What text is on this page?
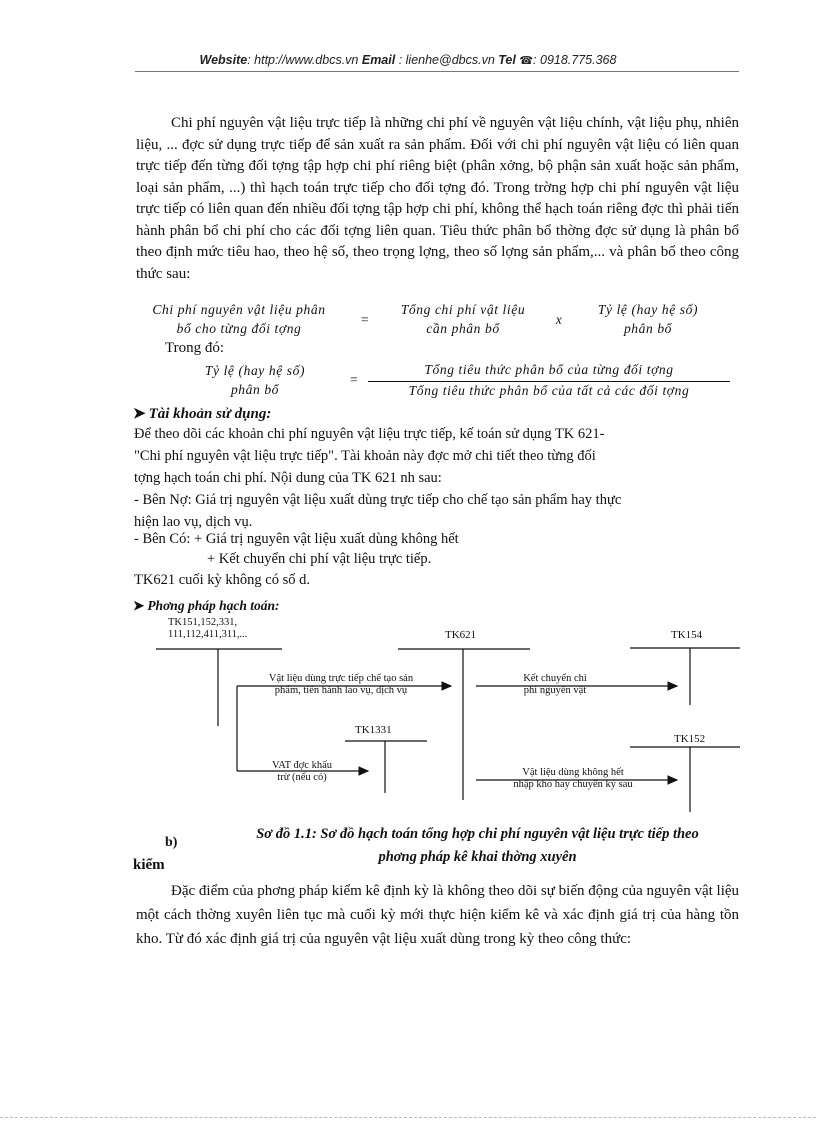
Website: http://www.dbcs.vn Email : lienhe@dbcs.vn Tel ☎: 0918.775.368
Chi phí nguyên vật liệu trực tiếp là những chi phí về nguyên vật liệu chính, vật liệu phụ, nhiên liệu, ... đợc sử dụng trực tiếp để sản xuất ra sản phẩm. Đối với chi phí nguyên vật liệu có liên quan trực tiếp đến từng đối tợng tập hợp chi phí riêng biệt (phân xởng, bộ phận sản xuất hoặc sản phẩm, loại sản phẩm, ...) thì hạch toán trực tiếp cho đối tợng đó. Trong trờng hợp chi phí nguyên vật liệu trực tiếp có liên quan đến nhiều đối tợng tập hợp chi phí, không thể hạch toán riêng đợc thì phải tiến hành phân bổ chi phí cho các đối tợng liên quan. Tiêu thức phân bổ thờng đợc sử dụng là phân bổ theo định mức tiêu hao, theo hệ số, theo trọng lợng, theo số lợng sản phẩm,... và phân bổ theo công thức sau:
Chi phí nguyên vật liệu phân
bổ cho từng đối tợng
=
Tổng chi phí vật liệu
cần phân bổ
x
Tỷ lệ (hay hệ số)
phân bổ
Trong đó:
Tỷ lệ (hay hệ số)
phân bổ
=
Tổng tiêu thức phân bổ của từng đối tợng
Tổng tiêu thức phân bổ của tất cả các đối tợng
➤ Tài khoản sử dụng:
Để theo dõi các khoản chi phí nguyên vật liệu trực tiếp, kế toán sử dụng TK 621-
"Chi phí nguyên vật liệu trực tiếp". Tài khoản này đợc mở chi tiết theo từng đối
tợng hạch toán chi phí. Nội dung của TK 621 nh sau:
- Bên Nợ: Giá trị nguyên vật liệu xuất dùng trực tiếp cho chế tạo sản phẩm hay thực
hiện lao vụ, dịch vụ.
- Bên Có: + Giá trị nguyên vật liệu xuất dùng không hết
+ Kết chuyển chi phí vật liệu trực tiếp.
TK621 cuối kỳ không có số d.
➤ Phơng pháp hạch toán:
TK151,152,331,
111,112,411,311,...	TK621	TK154
TK1331
TK152
Vật liệu dùng trực tiếp chế tạo sản
phẩm, tiến hành lao vụ, dịch vụ
Kết chuyển chi
phí nguyên vật
VAT đợc khấu
trừ (nếu có)	Vật liệu dùng không hết
nhập kho hay chuyển kỳ sau
b)
Sơ đồ 1.1: Sơ đồ hạch toán tổng hợp chi phí nguyên vật liệu trực tiếp theo
phơng pháp kê khai thờng xuyên
kiểm
Đặc điểm của phơng pháp kiểm kê định kỳ là không theo dõi sự biến động của nguyên vật liệu một cách thờng xuyên liên tục mà cuối kỳ mới thực hiện kiểm kê và xác định giá trị của hàng tồn kho. Từ đó xác định giá trị của nguyên vật liệu xuất dùng trong kỳ theo công thức:
